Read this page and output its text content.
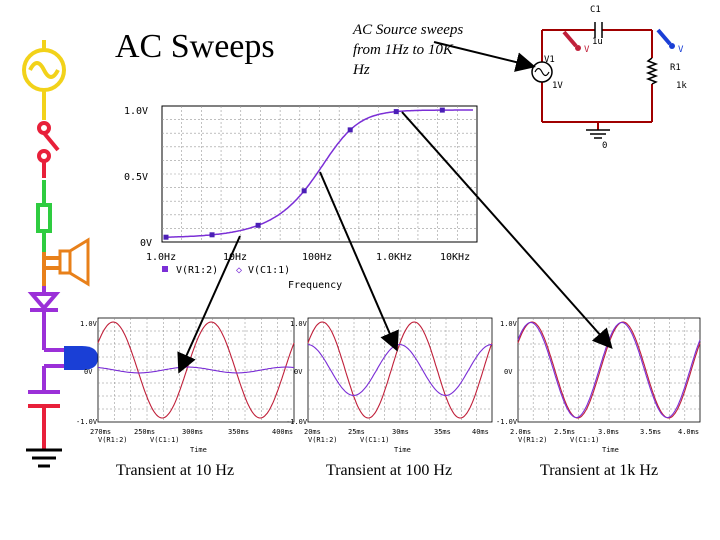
AC Sweeps	AC Source sweeps from 1Hz to 10K Hz
Transient at 10 Hz	Transient at 100 Hz	Transient at 1k Hz
C1
1u
V1
1V
R1
1k
V	V
0
1.0V
0.5V
0V
1.0Hz	10Hz	100Hz	1.0KHz	10KHz
V(R1:2) ◇ V(C1:1)
Frequency
1.0V
0V
-1.0V
270ms	250ms	300ms	350ms	400ms
V(R1:2)	V(C1:1)
Time
1.0V
0V
-1.0V
20ms	25ms	30ms	35ms	40ms
V(R1:2)	V(C1:1)
Time
1.0V
0V
-1.0V
2.0ms	2.5ms	3.0ms	3.5ms 4.0ms
V(R1:2)	V(C1:1)
Time
